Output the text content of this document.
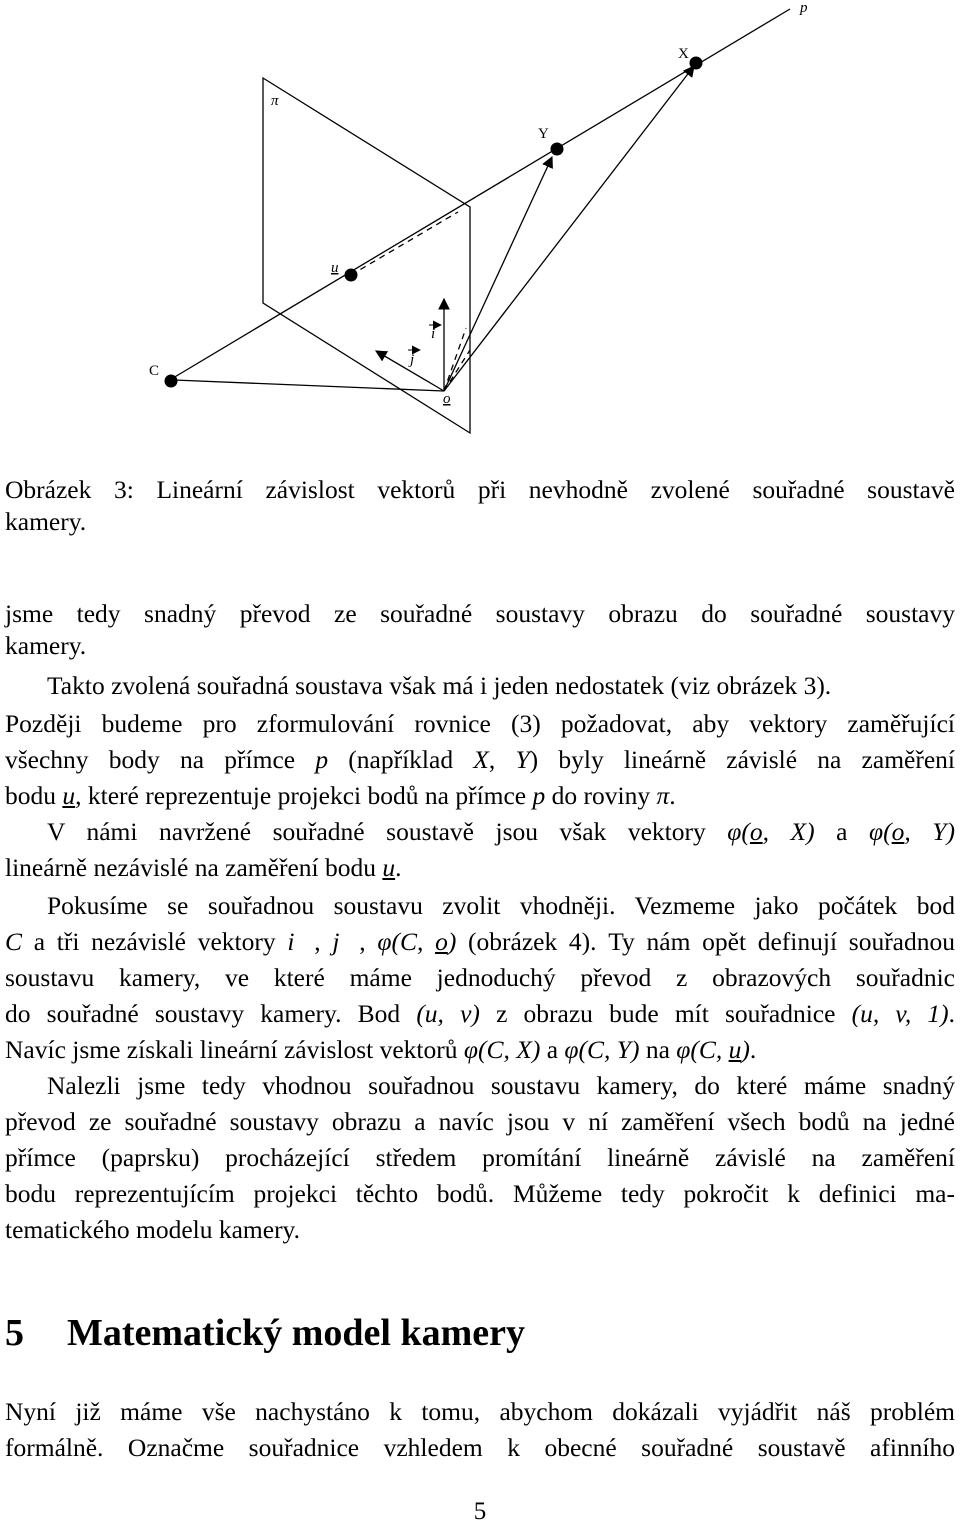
p
X
Y
π
u
i
j
C
o
Obrázek 3: Lineární závislost vektorů při nevhodně zvolené souřadné soustavě
kamery.
jsme tedy snadný převod ze souřadné soustavy obrazu do souřadné soustavy
kamery.
Takto zvolená souřadná soustava však má i jeden nedostatek (viz obrázek 3).
Později budeme pro zformulování rovnice (3) požadovat, aby vektory zaměřující
všechny body na přímce p (například X, Y) byly lineárně závislé na zaměření
bodu u, které reprezentuje projekci bodů na přímce p do roviny π.
V námi navržené souřadné soustavě jsou však vektory φ(o, X) a φ(o, Y)
lineárně nezávislé na zaměření bodu u.
Pokusíme se souřadnou soustavu zvolit vhodněji. Vezmeme jako počátek bod
C a tři nezávislé vektory i⃗, j⃗, φ(C, o) (obrázek 4). Ty nám opět definují souřadnou
soustavu kamery, ve které máme jednoduchý převod z obrazových souřadnic
do souřadné soustavy kamery. Bod (u, v) z obrazu bude mít souřadnice (u, v, 1).
Navíc jsme získali lineární závislost vektorů φ(C, X) a φ(C, Y) na φ(C, u).
Nalezli jsme tedy vhodnou souřadnou soustavu kamery, do které máme snadný
převod ze souřadné soustavy obrazu a navíc jsou v ní zaměření všech bodů na jedné
přímce (paprsku) procházející středem promítání lineárně závislé na zaměření
bodu reprezentujícím projekci těchto bodů. Můžeme tedy pokročit k definici ma-
tematického modelu kamery.
5 Matematický model kamery
Nyní již máme vše nachystáno k tomu, abychom dokázali vyjádřit náš problém
formálně. Označme souřadnice vzhledem k obecné souřadné soustavě afinního
5
